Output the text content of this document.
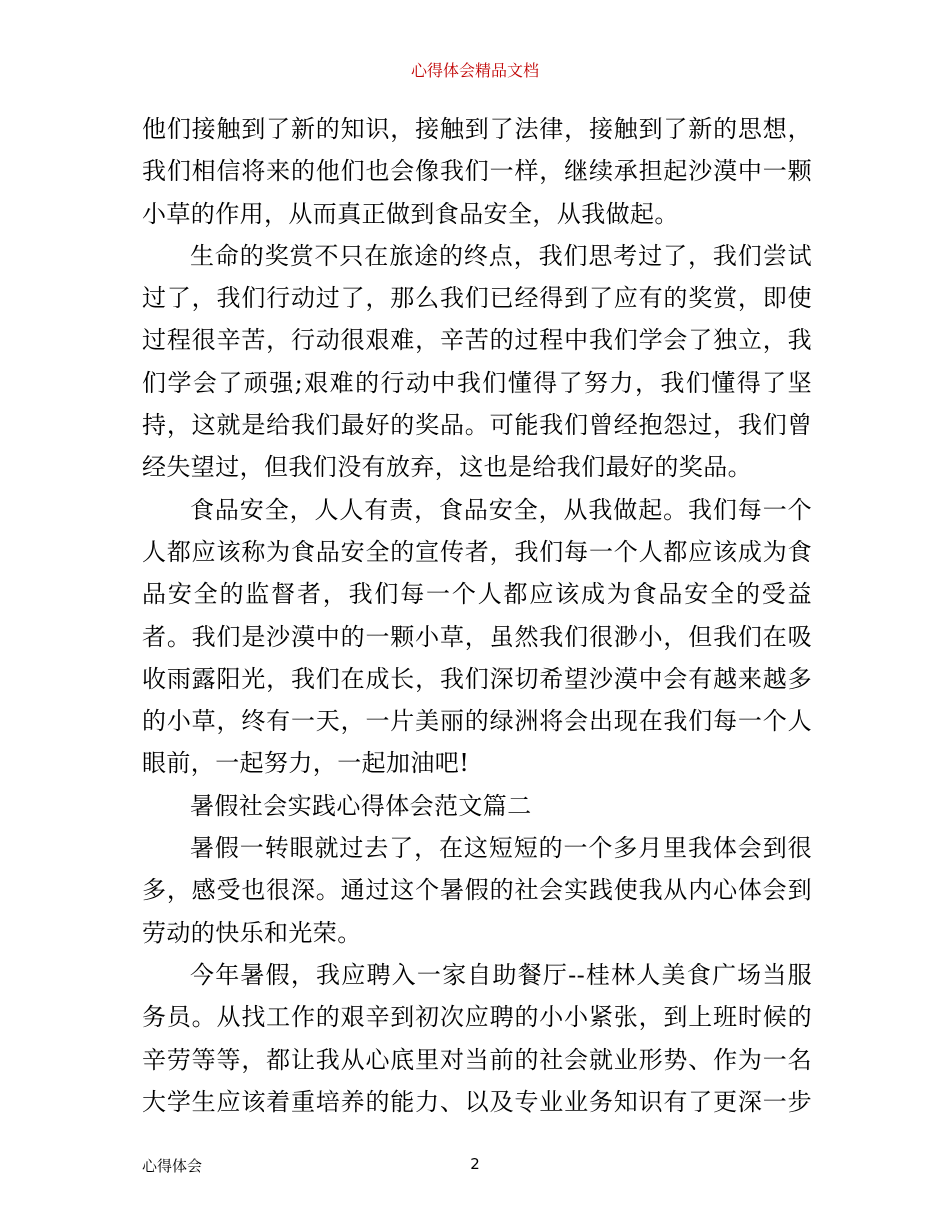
心得体会精品文档
他们接触到了新的知识，接触到了法律，接触到了新的思想，
我们相信将来的他们也会像我们一样，继续承担起沙漠中一颗
小草的作用，从而真正做到食品安全，从我做起。
生命的奖赏不只在旅途的终点，我们思考过了，我们尝试
过了，我们行动过了，那么我们已经得到了应有的奖赏，即使
过程很辛苦，行动很艰难，辛苦的过程中我们学会了独立，我
们学会了顽强;艰难的行动中我们懂得了努力，我们懂得了坚
持，这就是给我们最好的奖品。可能我们曾经抱怨过，我们曾
经失望过，但我们没有放弃，这也是给我们最好的奖品。
食品安全，人人有责，食品安全，从我做起。我们每一个
人都应该称为食品安全的宣传者，我们每一个人都应该成为食
品安全的监督者，我们每一个人都应该成为食品安全的受益
者。我们是沙漠中的一颗小草，虽然我们很渺小，但我们在吸
收雨露阳光，我们在成长，我们深切希望沙漠中会有越来越多
的小草，终有一天，一片美丽的绿洲将会出现在我们每一个人
眼前，一起努力，一起加油吧!
暑假社会实践心得体会范文篇二
暑假一转眼就过去了，在这短短的一个多月里我体会到很
多，感受也很深。通过这个暑假的社会实践使我从内心体会到
劳动的快乐和光荣。
今年暑假，我应聘入一家自助餐厅--桂林人美食广场当服
务员。从找工作的艰辛到初次应聘的小小紧张，到上班时候的
辛劳等等，都让我从心底里对当前的社会就业形势、作为一名
大学生应该着重培养的能力、以及专业业务知识有了更深一步
心得体会	2
